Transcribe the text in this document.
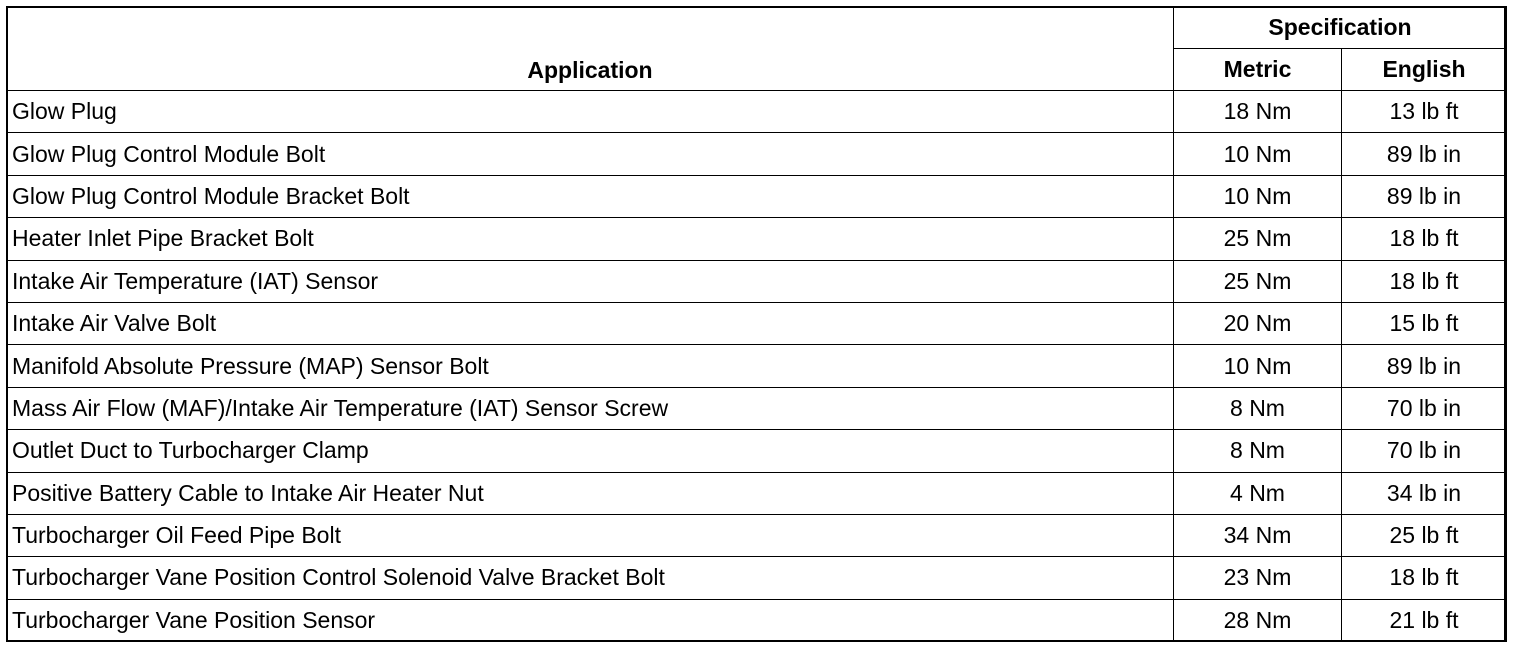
Application	Specification	
	Metric	English
Glow Plug	18 Nm	13 lb ft
Glow Plug Control Module Bolt	10 Nm	89 lb in
Glow Plug Control Module Bracket Bolt	10 Nm	89 lb in
Heater Inlet Pipe Bracket Bolt	25 Nm	18 lb ft
Intake Air Temperature (IAT) Sensor	25 Nm	18 lb ft
Intake Air Valve Bolt	20 Nm	15 lb ft
Manifold Absolute Pressure (MAP) Sensor Bolt	10 Nm	89 lb in
Mass Air Flow (MAF)/Intake Air Temperature (IAT) Sensor Screw	8 Nm	70 lb in
Outlet Duct to Turbocharger Clamp	8 Nm	70 lb in
Positive Battery Cable to Intake Air Heater Nut	4 Nm	34 lb in
Turbocharger Oil Feed Pipe Bolt	34 Nm	25 lb ft
Turbocharger Vane Position Control Solenoid Valve Bracket Bolt	23 Nm	18 lb ft
Turbocharger Vane Position Sensor	28 Nm	21 lb ft
